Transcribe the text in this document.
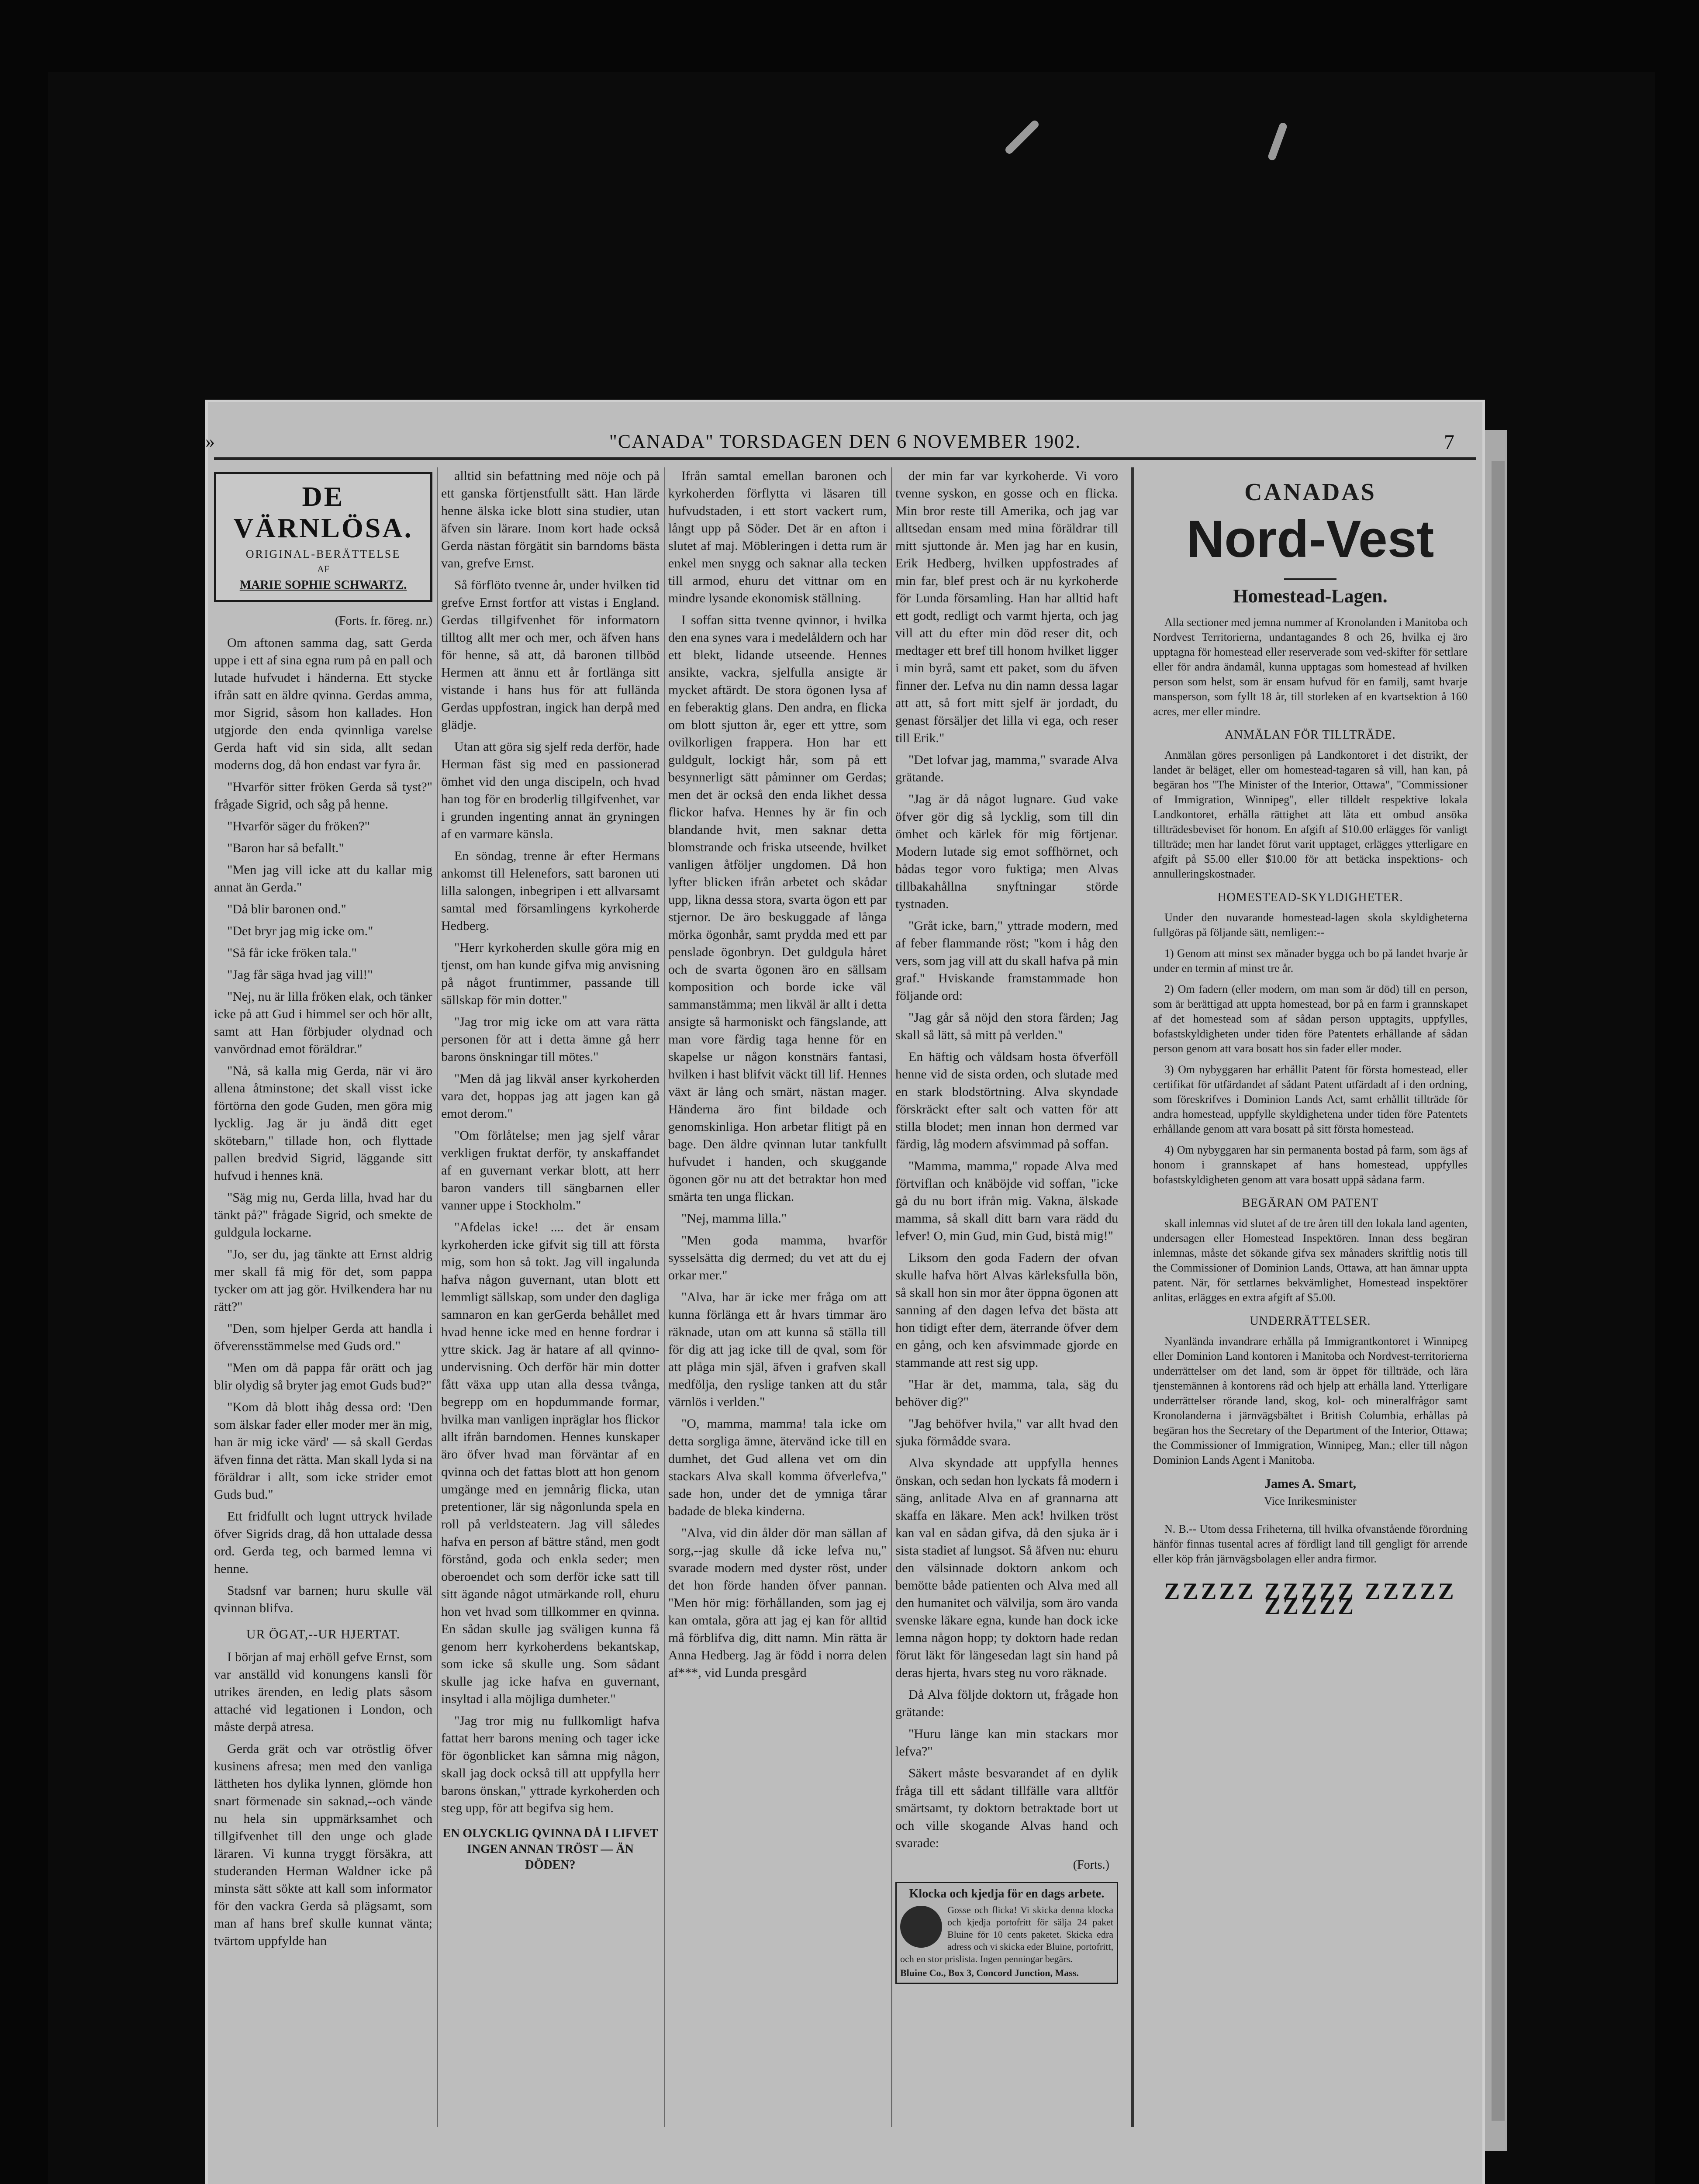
»	"CANADA" TORSDAGEN DEN 6 NOVEMBER 1902.	7
DE VÄRNLÖSA.
ORIGINAL-BERÄTTELSE
AF
MARIE SOPHIE SCHWARTZ.
(Forts. fr. föreg. nr.)

Om aftonen samma dag, satt Gerda uppe i ett af sina egna rum på en pall och lutade hufvudet i händerna. Ett stycke ifrån satt en äldre qvinna. Gerdas amma, mor Sigrid, såsom hon kallades. Hon utgjorde den enda qvinnliga varelse Gerda haft vid sin sida, allt sedan moderns dog, då hon endast var fyra år.

"Hvarför sitter fröken Gerda så tyst?" frågade Sigrid, och såg på henne.

"Hvarför säger du fröken?"

"Baron har så befallt."

"Men jag vill icke att du kallar mig annat än Gerda."

"Då blir baronen ond."

"Det bryr jag mig icke om."

"Så får icke fröken tala."

"Jag får säga hvad jag vill!"

"Nej, nu är lilla fröken elak, och tänker icke på att Gud i himmel ser och hör allt, samt att Han förbjuder olydnad och vanvördnad emot föräldrar."

"Nå, så kalla mig Gerda, när vi äro allena åtminstone; det skall visst icke förtörna den gode Guden, men göra mig lycklig. Jag är ju ändå ditt eget skötebarn," tillade hon, och flyttade pallen bredvid Sigrid, läggande sitt hufvud i hennes knä.

"Säg mig nu, Gerda lilla, hvad har du tänkt på?" frågade Sigrid, och smekte de guldgula lockarne.

"Jo, ser du, jag tänkte att Ernst aldrig mer skall få mig för det, som pappa tycker om att jag gör. Hvilkendera har nu rätt?"

"Den, som hjelper Gerda att handla i öfverensstämmelse med Guds ord."

"Men om då pappa får orätt och jag blir olydig så bryter jag emot Guds bud?"

"Kom då blott ihåg dessa ord: 'Den som älskar fader eller moder mer än mig, han är mig icke värd' — så skall Gerdas äfven finna det rätta. Man skall lyda si na föräldrar i allt, som icke strider emot Guds bud."

Ett fridfullt och lugnt uttryck hvilade öfver Sigrids drag, då hon uttalade dessa ord. Gerda teg, och barmed lemna vi henne.

Stadsnf var barnen; huru skulle väl qvinnan blifva.

UR ÖGAT,--UR HJERTAT.

I början af maj erhöll gefve Ernst, som var anställd vid konungens kansli för utrikes ärenden, en ledig plats såsom attaché vid legationen i London, och måste derpå atresa.

Gerda grät och var otröstlig öfver kusinens afresa; men med den vanliga lättheten hos dylika lynnen, glömde hon snart förmenade sin saknad,--och vände nu hela sin uppmärksamhet och tillgifvenhet till den unge och glade läraren. Vi kunna tryggt försäkra, att studeranden Herman Waldner icke på minsta sätt sökte att kall som informator för den vackra Gerda så plägsamt, som man af hans bref skulle kunnat vänta; tvärtom uppfylde han

alltid sin befattning med nöje och på ett ganska förtjenstfullt sätt. Han lärde henne älska icke blott sina studier, utan äfven sin lärare. Inom kort hade också Gerda nästan förgätit sin barndoms bästa van, grefve Ernst.

Så förflöto tvenne år, under hvilken tid grefve Ernst fortfor att vistas i England. Gerdas tillgifvenhet för informatorn tilltog allt mer och mer, och äfven hans för henne, så att, då baronen tillböd Hermen att ännu ett år fortlänga sitt vistande i hans hus för att fullända Gerdas uppfostran, ingick han derpå med glädje.

Utan att göra sig sjelf reda derför, hade Herman fäst sig med en passionerad ömhet vid den unga discipeln, och hvad han tog för en broderlig tillgifvenhet, var i grunden ingenting annat än gryningen af en varmare känsla.

En söndag, trenne år efter Hermans ankomst till Helenefors, satt baronen uti lilla salongen, inbegripen i ett allvarsamt samtal med församlingens kyrkoherde Hedberg.

"Herr kyrkoherden skulle göra mig en tjenst, om han kunde gifva mig anvisning på något fruntimmer, passande till sällskap för min dotter."

"Jag tror mig icke om att vara rätta personen för att i detta ämne gå herr barons önskningar till mötes."

"Men då jag likväl anser kyrkoherden vara det, hoppas jag att jagen kan gå emot derom."

"Om förlåtelse; men jag sjelf vårar verkligen fruktat derför, ty anskaffandet af en guvernant verkar blott, att herr baron vanders till sängbarnen eller vanner uppe i Stockholm."

"Afdelas icke! .... det är ensam kyrkoherden icke gifvit sig till att första mig, som hon så tokt. Jag vill ingalunda hafva någon guvernant, utan blott ett lemmligt sällskap, som under den dagliga samnaron en kan gerGerda behållet med hvad henne icke med en henne fordrar i yttre skick. Jag är hatare af all qvinno-undervisning. Och derför här min dotter fått växa upp utan alla dessa tvånga, begrepp om en hopdummande formar, hvilka man vanligen inpräglar hos flickor allt ifrån barndomen. Hennes kunskaper äro öfver hvad man förväntar af en qvinna och det fattas blott att hon genom umgänge med en jemnårig flicka, utan pretentioner, lär sig någonlunda spela en roll på verldsteatern. Jag vill således hafva en person af bättre stånd, men godt förstånd, goda och enkla seder; men oberoendet och som derför icke satt till sitt ägande något utmärkande roll, ehuru hon vet hvad som tillkommer en qvinna. En sådan skulle jag sväligen kunna få genom herr kyrkoherdens bekantskap, som icke så skulle ung. Som sådant skulle jag icke hafva en guvernant, insyltad i alla möjliga dumheter."

"Jag tror mig nu fullkomligt hafva fattat herr barons mening och tager icke för ögonblicket kan såmna mig någon, skall jag dock också till att uppfylla herr barons önskan," yttrade kyrkoherden och steg upp, för att begifva sig hem.

EN OLYCKLIG QVINNA DÅ I LIFVET INGEN ANNAN TRÖST — ÄN DÖDEN?

Ifrån samtal emellan baronen och kyrkoherden förflytta vi läsaren till hufvudstaden, i ett stort vackert rum, långt upp på Söder. Det är en afton i slutet af maj. Möbleringen i detta rum är enkel men snygg och saknar alla tecken till armod, ehuru det vittnar om en mindre lysande ekonomisk ställning.

I soffan sitta tvenne qvinnor, i hvilka den ena synes vara i medelåldern och har ett blekt, lidande utseende. Hennes ansikte, vackra, sjelfulla ansigte är mycket aftärdt. De stora ögonen lysa af en feberaktig glans. Den andra, en flicka om blott sjutton år, eger ett yttre, som ovilkorligen frappera. Hon har ett guldgult, lockigt hår, som på ett besynnerligt sätt påminner om Gerdas; men det är också den enda likhet dessa flickor hafva. Hennes hy är fin och blandande hvit, men saknar detta blomstrande och friska utseende, hvilket vanligen åtföljer ungdomen. Då hon lyfter blicken ifrån arbetet och skådar upp, likna dessa stora, svarta ögon ett par stjernor. De äro beskuggade af långa mörka ögonhår, samt prydda med ett par penslade ögonbryn. Det guldgula håret och de svarta ögonen äro en sällsam komposition och borde icke väl sammanstämma; men likväl är allt i detta ansigte så harmoniskt och fängslande, att man vore färdig taga henne för en skapelse ur någon konstnärs fantasi, hvilken i hast blifvit väckt till lif. Hennes växt är lång och smärt, nästan mager. Händerna äro fint bildade och genomskinliga. Hon arbetar flitigt på en bage. Den äldre qvinnan lutar tankfullt hufvudet i handen, och skuggande ögonen gör nu att det betraktar hon med smärta ten unga flickan.

"Nej, mamma lilla."

"Men goda mamma, hvarför sysselsätta dig dermed; du vet att du ej orkar mer."

"Alva, har är icke mer fråga om att kunna förlänga ett år hvars timmar äro räknade, utan om att kunna så ställa till för dig att jag icke till de qval, som för att plåga min själ, äfven i grafven skall medfölja, den ryslige tanken att du står värnlös i verlden."

"O, mamma, mamma! tala icke om detta sorgliga ämne, ätervänd icke till en dumhet, det Gud allena vet om din stackars Alva skall komma öfverlefva," sade hon, under det de ymniga tårar badade de bleka kinderna.

"Alva, vid din ålder dör man sällan af sorg,--jag skulle då icke lefva nu," svarade modern med dyster röst, under det hon förde handen öfver pannan. "Men hör mig: förhållanden, som jag ej kan omtala, göra att jag ej kan för alltid må förblifva dig, ditt namn. Min rätta är Anna Hedberg. Jag är född i norra delen af***, vid Lunda presgård

der min far var kyrkoherde. Vi voro tvenne syskon, en gosse och en flicka. Min bror reste till Amerika, och jag var alltsedan ensam med mina föräldrar till mitt sjuttonde år. Men jag har en kusin, Erik Hedberg, hvilken uppfostrades af min far, blef prest och är nu kyrkoherde för Lunda församling. Han har alltid haft ett godt, redligt och varmt hjerta, och jag vill att du efter min död reser dit, och medtager ett bref till honom hvilket ligger i min byrå, samt ett paket, som du äfven finner der. Lefva nu din namn dessa lagar att att, så fort mitt sjelf är jordadt, du genast försäljer det lilla vi ega, och reser till Erik."

"Det lofvar jag, mamma," svarade Alva grätande.

"Jag är då något lugnare. Gud vake öfver gör dig så lycklig, som till din ömhet och kärlek för mig förtjenar. Modern lutade sig emot soffhörnet, och bådas tegor voro fuktiga; men Alvas tillbakahållna snyftningar störde tystnaden.

"Gråt icke, barn," yttrade modern, med af feber flammande röst; "kom i håg den vers, som jag vill att du skall hafva på min graf." Hviskande framstammade hon följande ord:

"Jag går så nöjd den stora färden; Jag skall så lätt, så mitt på verlden."

En häftig och våldsam hosta öfverföll henne vid de sista orden, och slutade med en stark blodstörtning. Alva skyndade förskräckt efter salt och vatten för att stilla blodet; men innan hon dermed var färdig, låg modern afsvimmad på soffan.

"Mamma, mamma," ropade Alva med förtviflan och knäböjde vid soffan, "icke gå du nu bort ifrån mig. Vakna, älskade mamma, så skall ditt barn vara rädd du lefver! O, min Gud, min Gud, bistå mig!"

Liksom den goda Fadern der ofvan skulle hafva hört Alvas kärleksfulla bön, så skall hon sin mor åter öppna ögonen att sanning af den dagen lefva det bästa att hon tidigt efter dem, äterrande öfver dem en gång, och ken afsvimmade gjorde en stammande att rest sig upp.

"Har är det, mamma, tala, säg du behöver dig?"

"Jag behöfver hvila," var allt hvad den sjuka förmådde svara.

Alva skyndade att uppfylla hennes önskan, och sedan hon lyckats få modern i säng, anlitade Alva en af grannarna att skaffa en läkare. Men ack! hvilken tröst kan val en sådan gifva, då den sjuka är i sista stadiet af lungsot. Så äfven nu: ehuru den välsinnade doktorn ankom och bemötte både patienten och Alva med all den humanitet och välvilja, som äro vanda svenske läkare egna, kunde han dock icke lemna någon hopp; ty doktorn hade redan förut läkt för längesedan lagt sin hand på deras hjerta, hvars steg nu voro räknade.

Då Alva följde doktorn ut, frågade hon grätande:

"Huru länge kan min stackars mor lefva?"

Säkert måste besvarandet af en dylik fråga till ett sådant tillfälle vara alltför smärtsamt, ty doktorn betraktade bort ut och ville skogande Alvas hand och svarade:

(Forts.)
Klocka och kjedja för en dags arbete.
Gosse och flicka! Vi skicka denna klocka och kjedja portofritt för sälja 24 paket Bluine för 10 cents paketet. Skicka edra adress och vi skicka eder Bluine, portofritt, och en stor prislista. Ingen penningar begärs.
Bluine Co., Box 3, Concord Junction, Mass.
CANADAS
Nord-Vest
Homestead-Lagen.

Alla sectioner med jemna nummer af Kronolanden i Manitoba och Nordvest Territorierna, undantagandes 8 och 26, hvilka ej äro upptagna för homestead eller reserverade som ved-skifter för settlare eller för andra ändamål, kunna upptagas som homestead af hvilken person som helst, som är ensam hufvud för en familj, samt hvarje mansperson, som fyllt 18 år, till storleken af en kvartsektion å 160 acres, mer eller mindre.

ANMÄLAN FÖR TILLTRÄDE.

Anmälan göres personligen på Landkontoret i det distrikt, der landet är beläget, eller om homestead-tagaren så vill, han kan, på begäran hos "The Minister of the Interior, Ottawa", "Commissioner of Immigration, Winnipeg", eller tilldelt respektive lokala Landkontoret, erhålla rättighet att låta ett ombud ansöka tillträdesbeviset för honom. En afgift af $10.00 erlägges för vanligt tillträde; men har landet förut varit upptaget, erlägges ytterligare en afgift på $5.00 eller $10.00 för att betäcka inspektions- och annulleringskostnader.

HOMESTEAD-SKYLDIGHETER.

Under den nuvarande homestead-lagen skola skyldigheterna fullgöras på följande sätt, nemligen:--

1) Genom att minst sex månader bygga och bo på landet hvarje år under en termin af minst tre år.

2) Om fadern (eller modern, om man som är död) till en person, som är berättigad att uppta homestead, bor på en farm i grannskapet af det homestead som af sådan person upptagits, uppfylles, bofastskyldigheten under tiden före Patentets erhållande af sådan person genom att vara bosatt hos sin fader eller moder.

3) Om nybyggaren har erhållit Patent för första homestead, eller certifikat för utfärdandet af sådant Patent utfärdadt af i den ordning, som föreskrifves i Dominion Lands Act, samt erhållit tillträde för andra homestead, uppfylle skyldighetena under tiden före Patentets erhållande genom att vara bosatt på sitt första homestead.

4) Om nybyggaren har sin permanenta bostad på farm, som ägs af honom i grannskapet af hans homestead, uppfylles bofastskyldigheten genom att vara bosatt uppå sådana farm.

BEGÄRAN OM PATENT

skall inlemnas vid slutet af de tre åren till den lokala land agenten, undersagen eller Homestead Inspektören. Innan dess begäran inlemnas, måste det sökande gifva sex månaders skriftlig notis till the Commissioner of Dominion Lands, Ottawa, att han ämnar uppta patent. När, för settlarnes bekvämlighet, Homestead inspektörer anlitas, erlägges en extra afgift af $5.00.

UNDERRÄTTELSER.

Nyanlända invandrare erhålla på Immigrantkontoret i Winnipeg eller Dominion Land kontoren i Manitoba och Nordvest-territorierna underrättelser om det land, som är öppet för tillträde, och lära tjenstemännen å kontorens råd och hjelp att erhålla land. Ytterligare underrättelser rörande land, skog, kol- och mineralfrågor samt Kronolanderna i järnvägsbältet i British Columbia, erhållas på begäran hos the Secretary of the Department of the Interior, Ottawa; the Commissioner of Immigration, Winnipeg, Man.; eller till någon Dominion Lands Agent i Manitoba.

James A. Smart,
Vice Inrikesminister

N. B.-- Utom dessa Friheterna, till hvilka ofvanstående förordning hänför finnas tusental acres af fördligt land till gengligt för arrende eller köp från järnvägsbolagen eller andra firmor.

ZZZZZ ZZZZZ ZZZZZ ZZZZZ
